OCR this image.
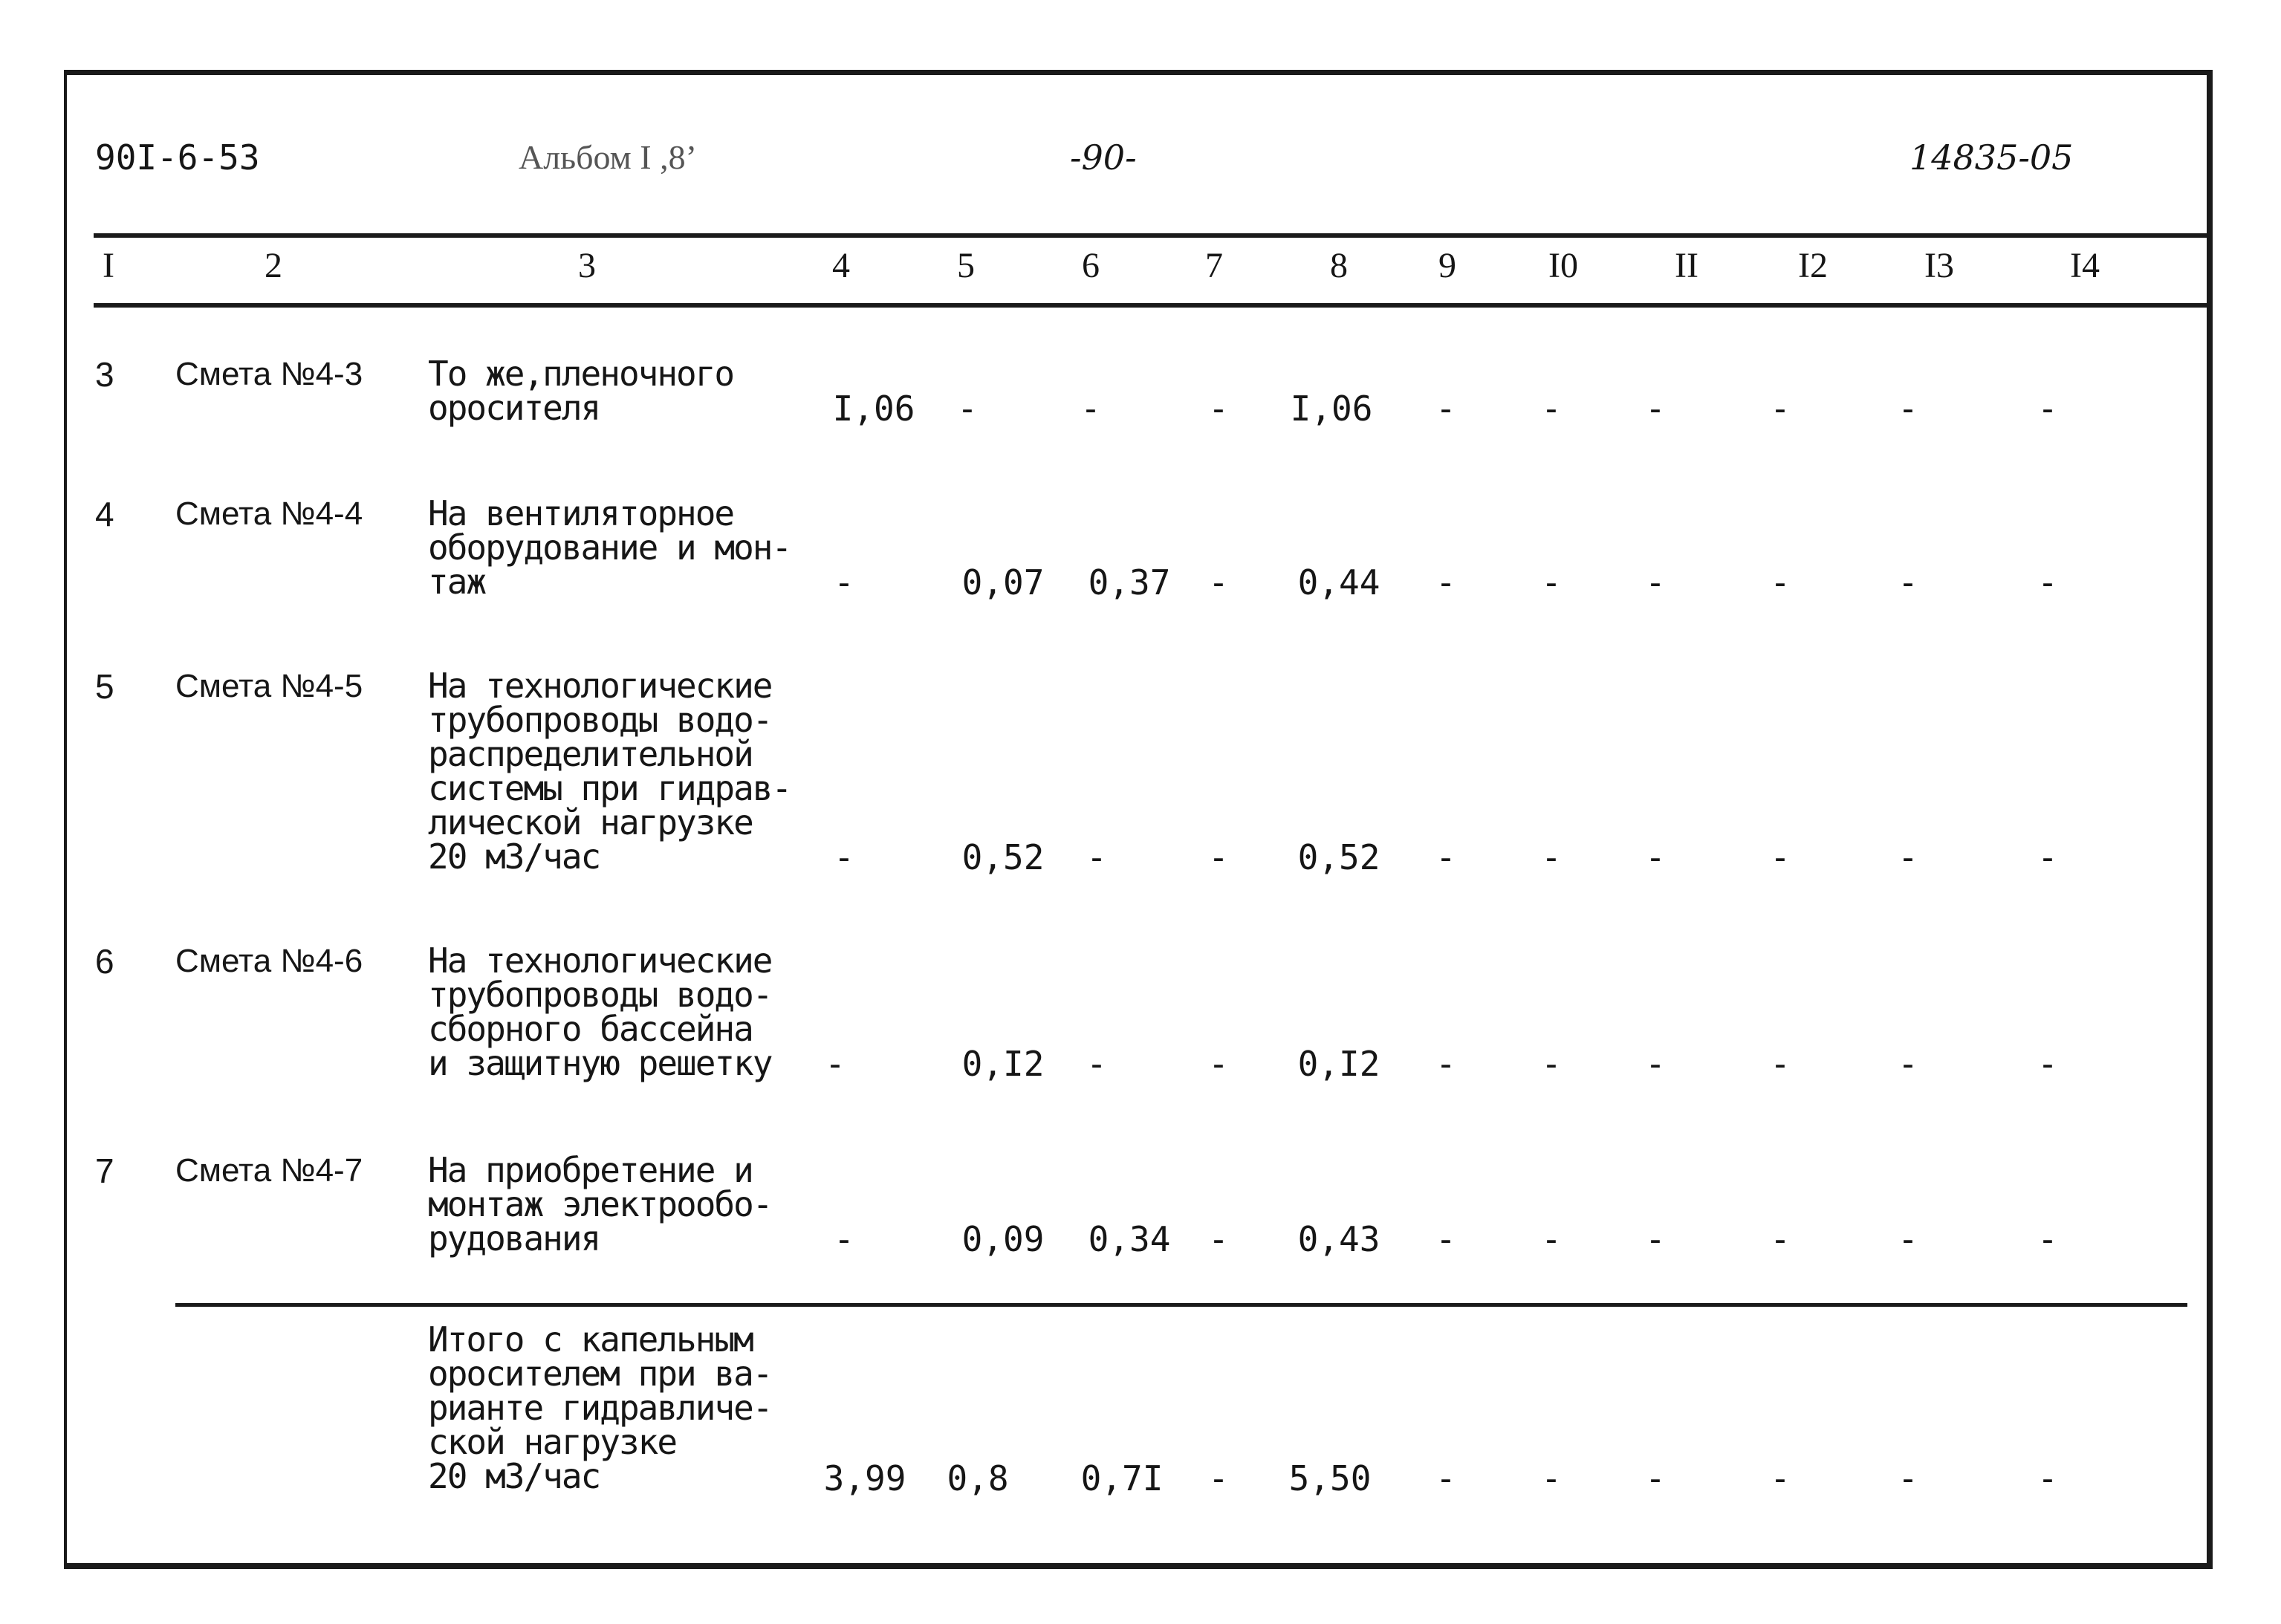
90I-6-53	Альбом I ,8’	-90-	14835-05
I	2	3	4	5	6	7	8	9	I0	II	I2	I3	I4
3 Смета №4-3 То же,пленочного
оросителя	I,06	-	-	-	I,06	-	-	-	-	-	-
4 Смета №4-4 На вентиляторное
оборудование и мон-
таж	-	0,07	0,37	-	0,44	-	-	-	-	-	-
5 Смета №4-5 На технологические
трубопроводы водо-
распределительной
системы при гидрав-
лической нагрузке
20 м3/час	-	0,52	-	-	0,52	-	-	-	-	-	-
6 Смета №4-6 На технологические
трубопроводы водо-
сборного бассейна
и защитную решетку	-	0,I2	-	-	0,I2	-	-	-	-	-	-
7 Смета №4-7 На приобретение и
монтаж электрообо-
рудования	-	0,09	0,34	-	0,43	-	-	-	-	-	-
Итого с капельным
оросителем при ва-
рианте гидравличе-
ской нагрузке
20 м3/час	3,99	0,8	0,7I	-	5,50	-	-	-	-	-	-
